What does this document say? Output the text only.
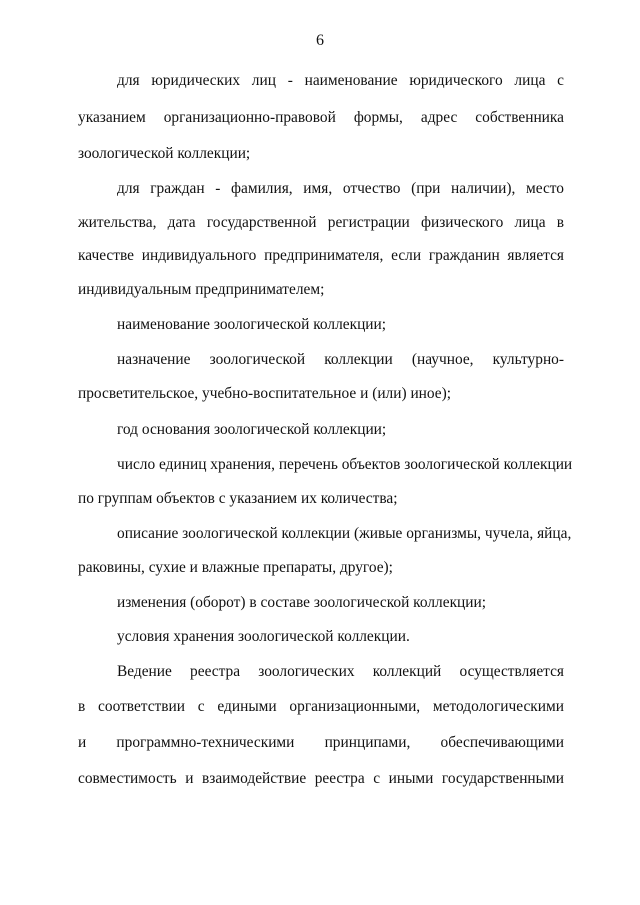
6
для юридических лиц - наименование юридического лица с
указанием организационно-правовой формы, адрес собственника
зоологической коллекции;
для граждан - фамилия, имя, отчество (при наличии), место
жительства, дата государственной регистрации физического лица в
качестве индивидуального предпринимателя, если гражданин является
индивидуальным предпринимателем;
наименование зоологической коллекции;
назначение зоологической коллекции (научное, культурно-
просветительское, учебно-воспитательное и (или) иное);
год основания зоологической коллекции;
число единиц хранения, перечень объектов зоологической коллекции
по группам объектов с указанием их количества;
описание зоологической коллекции (живые организмы, чучела, яйца,
раковины, сухие и влажные препараты, другое);
изменения (оборот) в составе зоологической коллекции;
условия хранения зоологической коллекции.
Ведение реестра зоологических коллекций осуществляется
в соответствии с едиными организационными, методологическими
и программно-техническими принципами, обеспечивающими
совместимость и взаимодействие реестра с иными государственными
